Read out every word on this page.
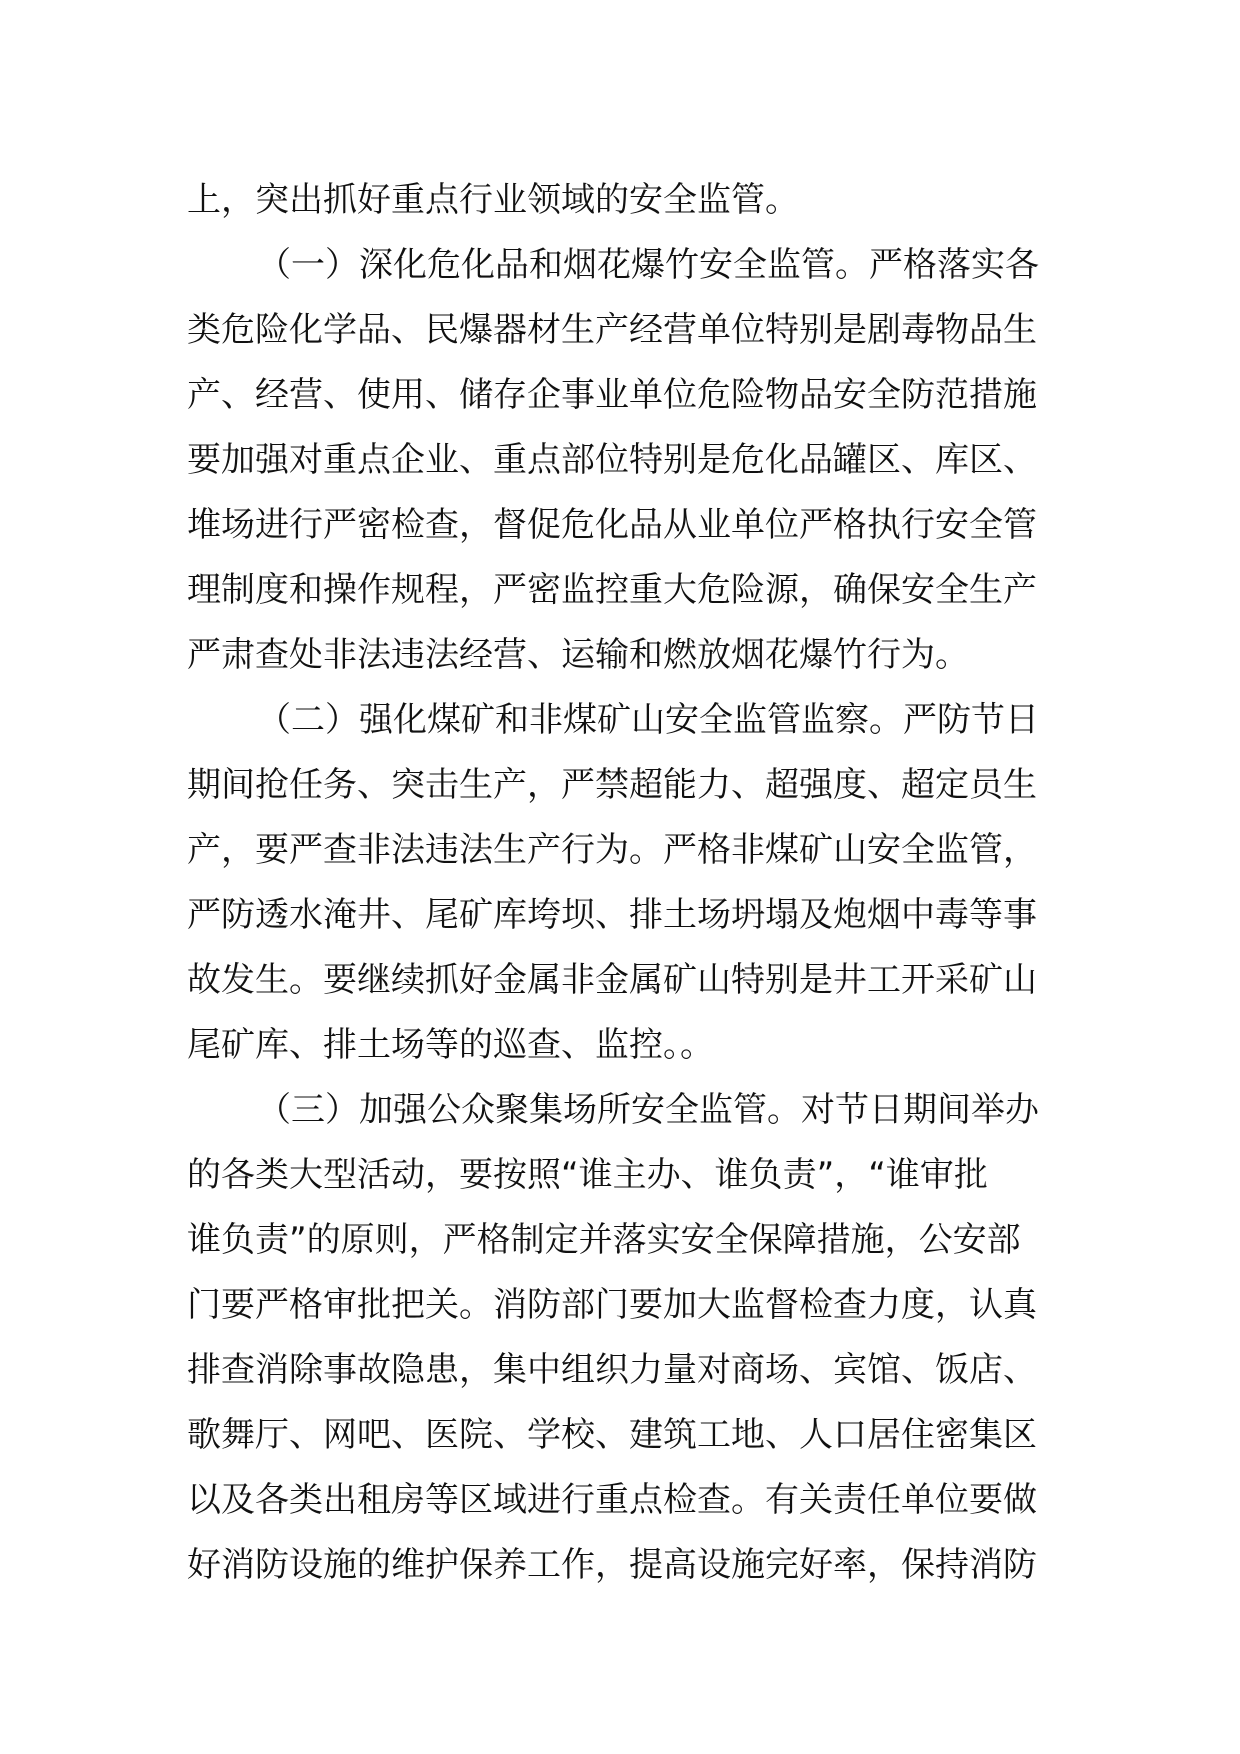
上，突出抓好重点行业领域的安全监管。
（一）深化危化品和烟花爆竹安全监管。严格落实各
类危险化学品、民爆器材生产经营单位特别是剧毒物品生
产、经营、使用、储存企事业单位危险物品安全防范措施
要加强对重点企业、重点部位特别是危化品罐区、库区、
堆场进行严密检查，督促危化品从业单位严格执行安全管
理制度和操作规程，严密监控重大危险源，确保安全生产
严肃查处非法违法经营、运输和燃放烟花爆竹行为。
（二）强化煤矿和非煤矿山安全监管监察。严防节日
期间抢任务、突击生产，严禁超能力、超强度、超定员生
产，要严查非法违法生产行为。严格非煤矿山安全监管，
严防透水淹井、尾矿库垮坝、排土场坍塌及炮烟中毒等事
故发生。要继续抓好金属非金属矿山特别是井工开采矿山
尾矿库、排土场等的巡查、监控。。
（三）加强公众聚集场所安全监管。对节日期间举办
的各类大型活动，要按照“谁主办、谁负责”，“谁审批
谁负责”的原则，严格制定并落实安全保障措施，公安部
门要严格审批把关。消防部门要加大监督检查力度，认真
排查消除事故隐患，集中组织力量对商场、宾馆、饭店、
歌舞厅、网吧、医院、学校、建筑工地、人口居住密集区
以及各类出租房等区域进行重点检查。有关责任单位要做
好消防设施的维护保养工作，提高设施完好率，保持消防
